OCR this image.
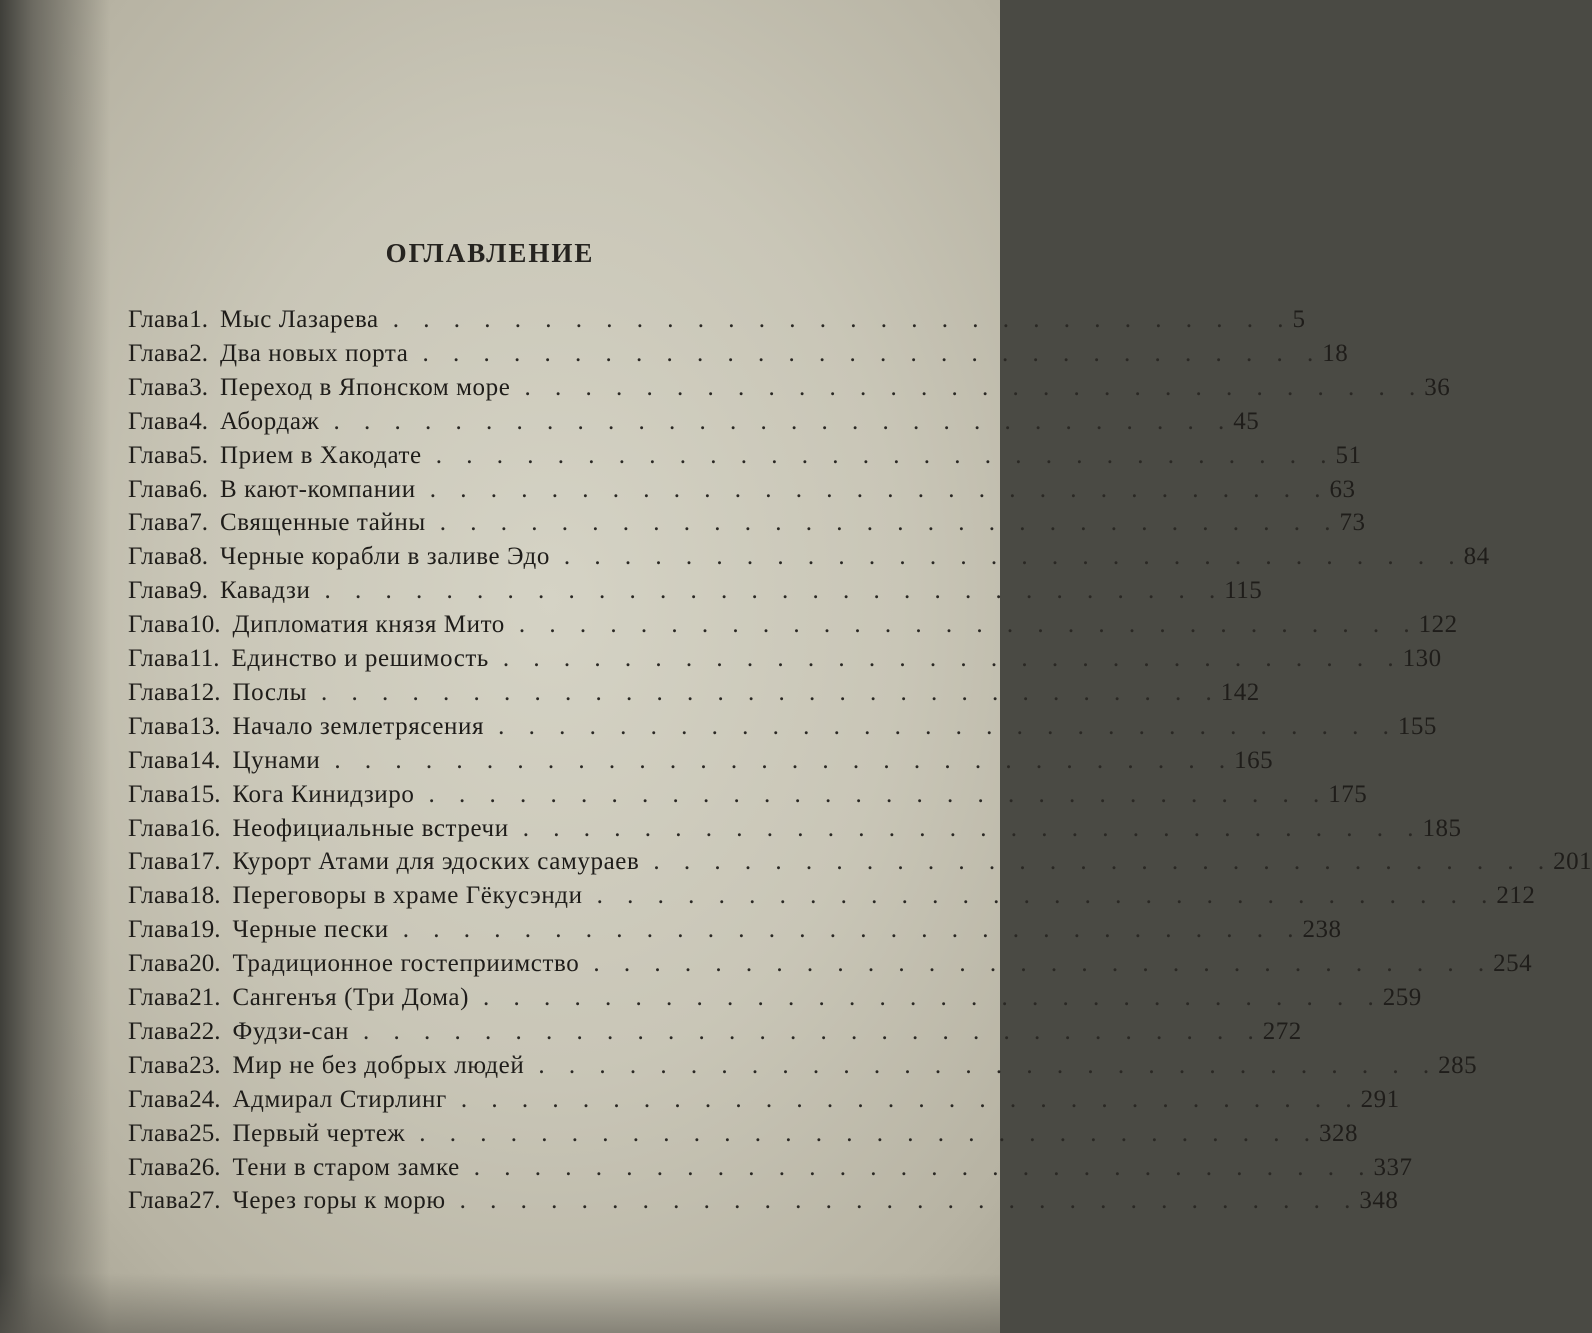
ОГЛАВЛЕНИЕ
Глава 1. Мыс Лазарева . . . . . . . . . . . . . . . . . . . . . . . . . . . . . . 5
Глава 2. Два новых порта . . . . . . . . . . . . . . . . . . . . . . . . . . . . . . 18
Глава 3. Переход в Японском море . . . . . . . . . . . . . . . . . . . . . . . . . . . . . . 36
Глава 4. Абордаж . . . . . . . . . . . . . . . . . . . . . . . . . . . . . . 45
Глава 5. Прием в Хакодате . . . . . . . . . . . . . . . . . . . . . . . . . . . . . . 51
Глава 6. В кают-компании . . . . . . . . . . . . . . . . . . . . . . . . . . . . . . 63
Глава 7. Священные тайны . . . . . . . . . . . . . . . . . . . . . . . . . . . . . . 73
Глава 8. Черные корабли в заливе Эдо . . . . . . . . . . . . . . . . . . . . . . . . . . . . . . 84
Глава 9. Кавадзи . . . . . . . . . . . . . . . . . . . . . . . . . . . . . . 115
Глава 10. Дипломатия князя Мито . . . . . . . . . . . . . . . . . . . . . . . . . . . . . . 122
Глава 11. Единство и решимость . . . . . . . . . . . . . . . . . . . . . . . . . . . . . . 130
Глава 12. Послы . . . . . . . . . . . . . . . . . . . . . . . . . . . . . . 142
Глава 13. Начало землетрясения . . . . . . . . . . . . . . . . . . . . . . . . . . . . . . 155
Глава 14. Цунами . . . . . . . . . . . . . . . . . . . . . . . . . . . . . . 165
Глава 15. Кога Кинидзиро . . . . . . . . . . . . . . . . . . . . . . . . . . . . . . 175
Глава 16. Неофициальные встречи . . . . . . . . . . . . . . . . . . . . . . . . . . . . . . 185
Глава 17. Курорт Атами для эдоских самураев . . . . . . . . . . . . . . . . . . . . . . . . . . . . . . 201
Глава 18. Переговоры в храме Гёкусэнди . . . . . . . . . . . . . . . . . . . . . . . . . . . . . . 212
Глава 19. Черные пески . . . . . . . . . . . . . . . . . . . . . . . . . . . . . . 238
Глава 20. Традиционное гостеприимство . . . . . . . . . . . . . . . . . . . . . . . . . . . . . . 254
Глава 21. Сангенъя (Три Дома) . . . . . . . . . . . . . . . . . . . . . . . . . . . . . . 259
Глава 22. Фудзи-сан . . . . . . . . . . . . . . . . . . . . . . . . . . . . . . 272
Глава 23. Мир не без добрых людей . . . . . . . . . . . . . . . . . . . . . . . . . . . . . . 285
Глава 24. Адмирал Стирлинг . . . . . . . . . . . . . . . . . . . . . . . . . . . . . . 291
Глава 25. Первый чертеж . . . . . . . . . . . . . . . . . . . . . . . . . . . . . . 328
Глава 26. Тени в старом замке . . . . . . . . . . . . . . . . . . . . . . . . . . . . . . 337
Глава 27. Через горы к морю . . . . . . . . . . . . . . . . . . . . . . . . . . . . . . 348
